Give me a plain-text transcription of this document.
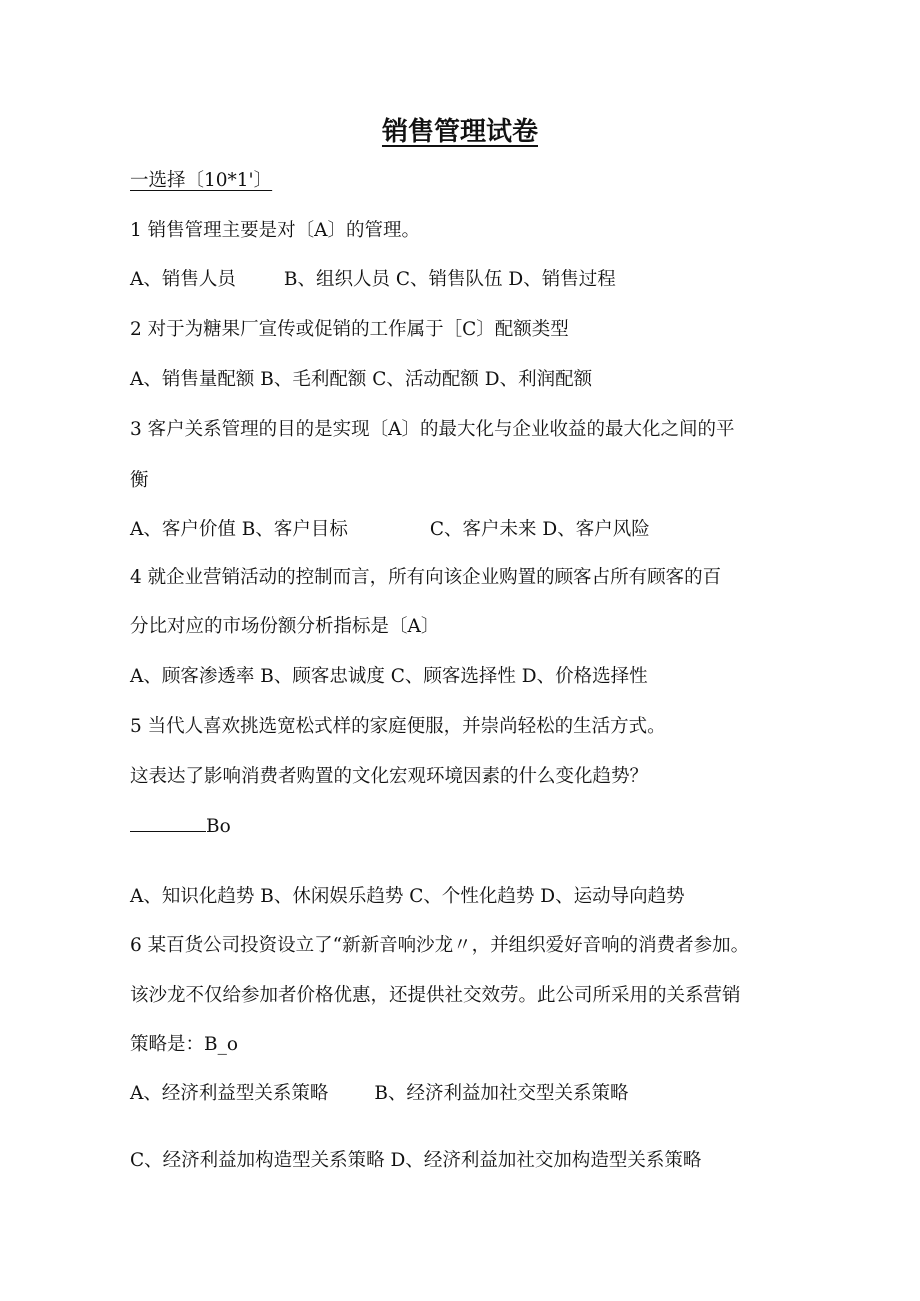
销售管理试卷
一选择〔10*1'〕
1 销售管理主要是对〔A〕的管理。
A、销售人员	B、组织人员 C、销售队伍 D、销售过程
2 对于为糖果厂宣传或促销的工作属于［C〕配额类型
A、销售量配额 B、毛利配额 C、活动配额 D、利润配额
3 客户关系管理的目的是实现〔A〕的最大化与企业收益的最大化之间的平
衡
A、客户价值 B、客户目标	C、客户未来 D、客户风险
4 就企业营销活动的控制而言，所有向该企业购置的顾客占所有顾客的百
分比对应的市场份额分析指标是〔A〕
A、顾客渗透率 B、顾客忠诚度 C、顾客选择性 D、价格选择性
5 当代人喜欢挑选宽松式样的家庭便服，并崇尚轻松的生活方式。
这表达了影响消费者购置的文化宏观环境因素的什么变化趋势？
Bo
A、知识化趋势 B、休闲娱乐趋势 C、个性化趋势 D、运动导向趋势
6 某百货公司投资设立了“新新音响沙龙〃，并组织爱好音响的消费者参加。
该沙龙不仅给参加者价格优惠，还提供社交效劳。此公司所采用的关系营销
策略是：B_o
A、经济利益型关系策略 B、经济利益加社交型关系策略
C、经济利益加构造型关系策略 D、经济利益加社交加构造型关系策略
